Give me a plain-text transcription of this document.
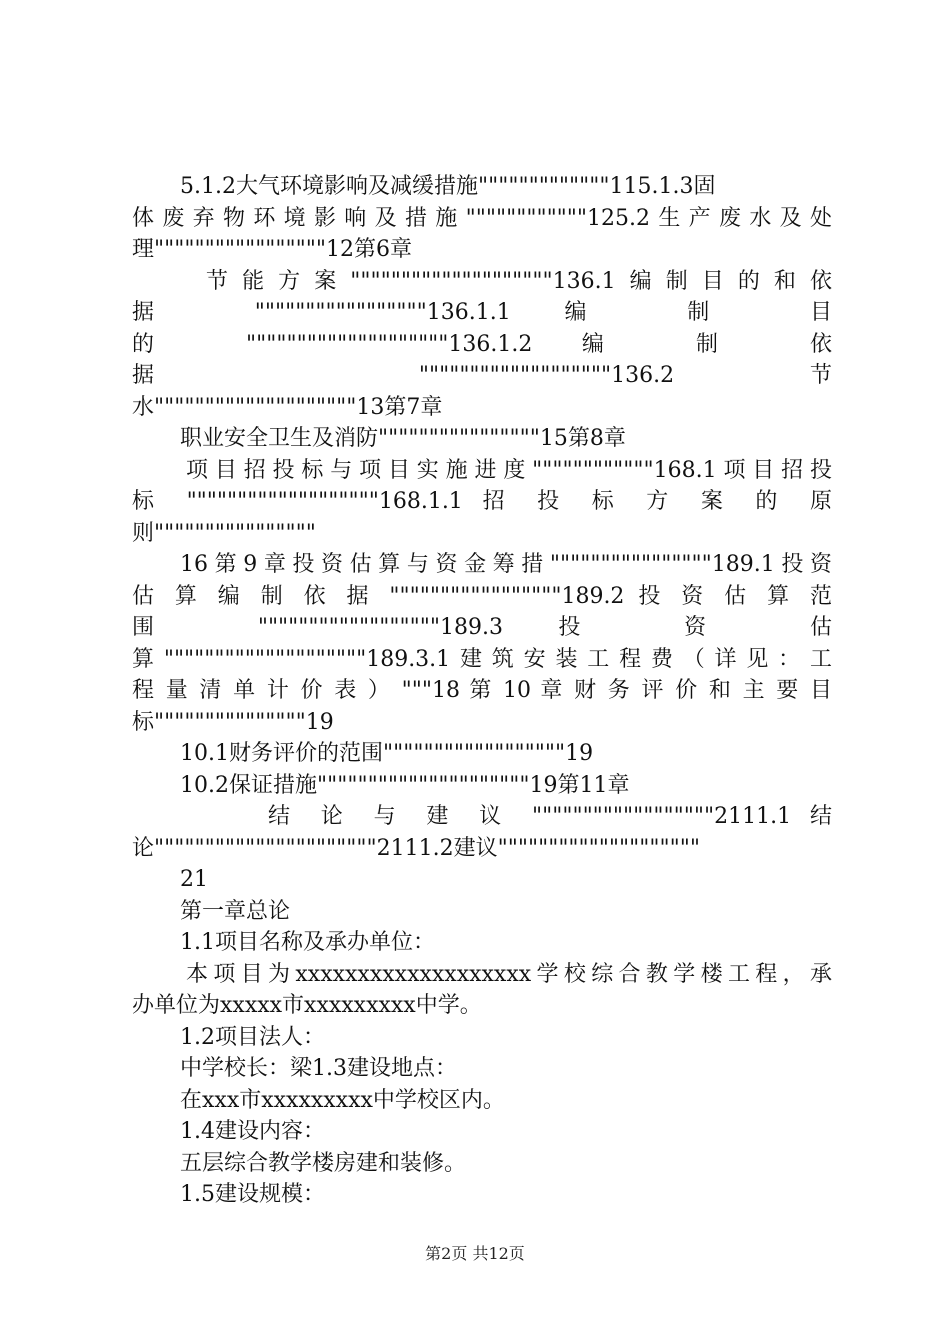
5.1.2大气环境影响及减缓措施"""""""""""""115.1.3固
体废弃物环境影响及措施""""""""""""125.2生产废水及处
理"""""""""""""""""12第6章
节能方案""""""""""""""""""""136.1编制目的和依
据 """""""""""""""""136.1.1 编 制 目
的 """"""""""""""""""""136.1.2 编 制 依
据 """""""""""""""""""136.2 节
水""""""""""""""""""""13第7章
职业安全卫生及消防""""""""""""""""15第8章
项目招投标与项目实施进度""""""""""""168.1项目招投
标 """""""""""""""""""168.1.1 招 投 标 方 案 的 原
则""""""""""""""""
16第9章投资估算与资金筹措""""""""""""""""189.1投资
估 算 编 制 依 据 """""""""""""""""189.2 投 资 估 算 范
围 """"""""""""""""""189.3 投 资 估
算""""""""""""""""""""189.3.1建筑安装工程费（详见：工
程 量 清 单 计 价 表 ） """18 第 10 章 财 务 评 价 和 主 要 目
标"""""""""""""""19
10.1财务评价的范围""""""""""""""""""19
10.2保证措施"""""""""""""""""""""19第11章
结 论 与 建 议 """"""""""""""""""2111.1 结
论""""""""""""""""""""""2111.2建议""""""""""""""""""""
21
第一章总论
1.1项目名称及承办单位：
本项目为xxxxxxxxxxxxxxxxxxx学校综合教学楼工程，承
办单位为xxxxx市xxxxxxxxx中学。
1.2项目法人：
中学校长：梁1.3建设地点：
在xxx市xxxxxxxxx中学校区内。
1.4建设内容：
五层综合教学楼房建和装修。
1.5建设规模：
第2页 共12页
